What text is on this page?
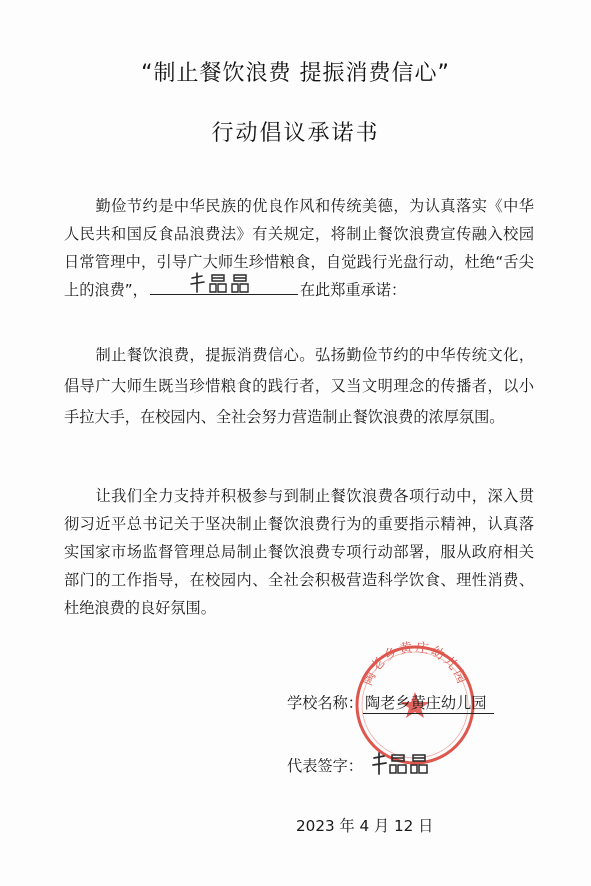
“制止餐饮浪费 提振消费信心”
行动倡议承诺书

勤俭节约是中华民族的优良作风和传统美德，为认真落实《中华人民共和国反食品浪费法》有关规定，将制止餐饮浪费宣传融入校园日常管理中，引导广大师生珍惜粮食，自觉践行光盘行动，杜绝“舌尖上的浪费”，	在此郑重承诺：

制止餐饮浪费，提振消费信心。弘扬勤俭节约的中华传统文化，倡导广大师生既当珍惜粮食的践行者，又当文明理念的传播者，以小手拉大手，在校园内、全社会努力营造制止餐饮浪费的浓厚氛围。

让我们全力支持并积极参与到制止餐饮浪费各项行动中，深入贯彻习近平总书记关于坚决制止餐饮浪费行为的重要指示精神，认真落实国家市场监督管理总局制止餐饮浪费专项行动部署，服从政府相关部门的工作指导，在校园内、全社会积极营造科学饮食、理性消费、杜绝浪费的良好氛围。

陶老乡黄庄幼儿园
学校名称： 陶老乡黄庄幼儿园
代表签字：
2023 年 4 月 12 日
